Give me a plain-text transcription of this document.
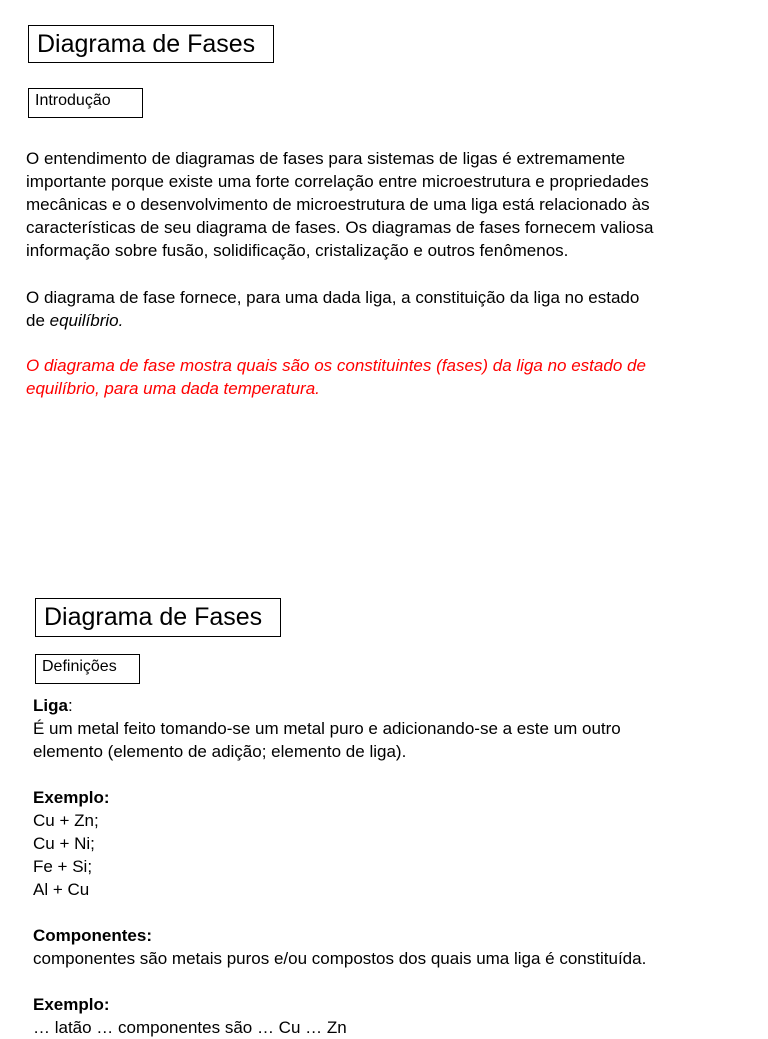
Diagrama de Fases
Introdução
O entendimento de diagramas de fases para sistemas de ligas é extremamente
importante porque existe uma forte correlação entre microestrutura e propriedades
mecânicas e o desenvolvimento de microestrutura de uma liga está relacionado às
características de seu diagrama de fases. Os diagramas de fases fornecem valiosa
informação sobre fusão, solidificação, cristalização e outros fenômenos.
O diagrama de fase fornece, para uma dada liga, a constituição da liga no estado
de equilíbrio.
O diagrama de fase mostra quais são os constituintes (fases) da liga no estado de
equilíbrio, para uma dada temperatura.
Diagrama de Fases
Definições
Liga:
É um metal feito tomando-se um metal puro e adicionando-se a este um outro
elemento (elemento de adição; elemento de liga).
Exemplo:
Cu + Zn;
Cu + Ni;
Fe + Si;
Al + Cu
Componentes:
componentes são metais puros e/ou compostos dos quais uma liga é constituída.
Exemplo:
… latão … componentes são … Cu … Zn
